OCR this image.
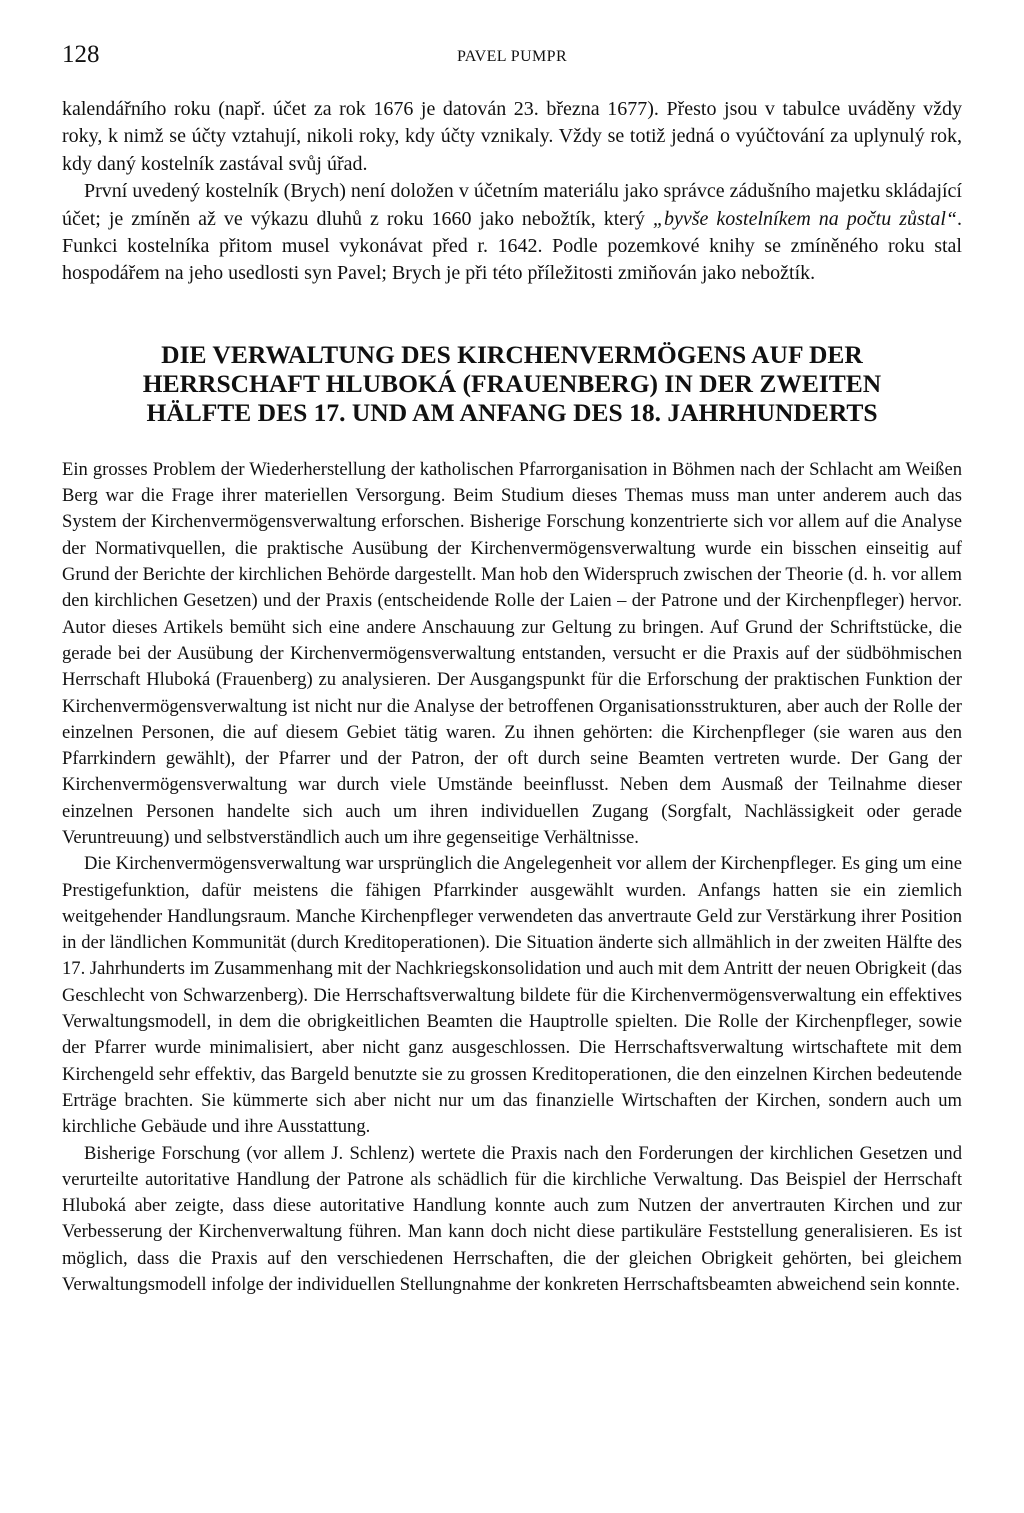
128	PAVEL PUMPR

kalendářního roku (např. účet za rok 1676 je datován 23. března 1677). Přesto jsou v tabulce uváděny vždy roky, k nimž se účty vztahují, nikoli roky, kdy účty vznikaly. Vždy se totiž jedná o vyúčtování za uplynulý rok, kdy daný kostelník zastával svůj úřad.

První uvedený kostelník (Brych) není doložen v účetním materiálu jako správce zádušního majetku skládající účet; je zmíněn až ve výkazu dluhů z roku 1660 jako nebožtík, který „byvše kostelníkem na počtu zůstal“. Funkci kostelníka přitom musel vykonávat před r. 1642. Podle pozemkové knihy se zmíněného roku stal hospodářem na jeho usedlosti syn Pavel; Brych je při této příležitosti zmiňován jako nebožtík.

DIE VERWALTUNG DES KIRCHENVERMÖGENS AUF DER
HERRSCHAFT HLUBOKÁ (FRAUENBERG) IN DER ZWEITEN
HÄLFTE DES 17. UND AM ANFANG DES 18. JAHRHUNDERTS

Ein grosses Problem der Wiederherstellung der katholischen Pfarrorganisation in Böhmen nach der Schlacht am Weißen Berg war die Frage ihrer materiellen Versorgung. Beim Studium dieses Themas muss man unter anderem auch das System der Kirchenvermögensverwaltung erforschen. Bisherige Forschung konzentrierte sich vor allem auf die Analyse der Normativquellen, die praktische Ausübung der Kirchenvermögensverwaltung wurde ein bisschen einseitig auf Grund der Berichte der kirchlichen Behörde dargestellt. Man hob den Widerspruch zwischen der Theorie (d. h. vor allem den kirchlichen Gesetzen) und der Praxis (entscheidende Rolle der Laien – der Patrone und der Kirchenpfleger) hervor. Autor dieses Artikels bemüht sich eine andere Anschauung zur Geltung zu bringen. Auf Grund der Schriftstücke, die gerade bei der Ausübung der Kirchenvermögensverwaltung entstanden, versucht er die Praxis auf der südböhmischen Herrschaft Hluboká (Frauenberg) zu analysieren. Der Ausgangspunkt für die Erforschung der praktischen Funktion der Kirchenvermögensverwaltung ist nicht nur die Analyse der betroffenen Organisationsstrukturen, aber auch der Rolle der einzelnen Personen, die auf diesem Gebiet tätig waren. Zu ihnen gehörten: die Kirchenpfleger (sie waren aus den Pfarrkindern gewählt), der Pfarrer und der Patron, der oft durch seine Beamten vertreten wurde. Der Gang der Kirchenvermögensverwaltung war durch viele Umstände beeinflusst. Neben dem Ausmaß der Teilnahme dieser einzelnen Personen handelte sich auch um ihren individuellen Zugang (Sorgfalt, Nachlässigkeit oder gerade Veruntreuung) und selbstverständlich auch um ihre gegenseitige Verhältnisse.

Die Kirchenvermögensverwaltung war ursprünglich die Angelegenheit vor allem der Kirchenpfleger. Es ging um eine Prestigefunktion, dafür meistens die fähigen Pfarrkinder ausgewählt wurden. Anfangs hatten sie ein ziemlich weitgehender Handlungsraum. Manche Kirchenpfleger verwendeten das anvertraute Geld zur Verstärkung ihrer Position in der ländlichen Kommunität (durch Kreditoperationen). Die Situation änderte sich allmählich in der zweiten Hälfte des 17. Jahrhunderts im Zusammenhang mit der Nachkriegskonsolidation und auch mit dem Antritt der neuen Obrigkeit (das Geschlecht von Schwarzenberg). Die Herrschaftsverwaltung bildete für die Kirchenvermögensverwaltung ein effektives Verwaltungsmodell, in dem die obrigkeitlichen Beamten die Hauptrolle spielten. Die Rolle der Kirchenpfleger, sowie der Pfarrer wurde minimalisiert, aber nicht ganz ausgeschlossen. Die Herrschaftsverwaltung wirtschaftete mit dem Kirchengeld sehr effektiv, das Bargeld benutzte sie zu grossen Kreditoperationen, die den einzelnen Kirchen bedeutende Erträge brachten. Sie kümmerte sich aber nicht nur um das finanzielle Wirtschaften der Kirchen, sondern auch um kirchliche Gebäude und ihre Ausstattung.

Bisherige Forschung (vor allem J. Schlenz) wertete die Praxis nach den Forderungen der kirchlichen Gesetzen und verurteilte autoritative Handlung der Patrone als schädlich für die kirchliche Verwaltung. Das Beispiel der Herrschaft Hluboká aber zeigte, dass diese autoritative Handlung konnte auch zum Nutzen der anvertrauten Kirchen und zur Verbesserung der Kirchenverwaltung führen. Man kann doch nicht diese partikuläre Feststellung generalisieren. Es ist möglich, dass die Praxis auf den verschiedenen Herrschaften, die der gleichen Obrigkeit gehörten, bei gleichem Verwaltungsmodell infolge der individuellen Stellungnahme der konkreten Herrschaftsbeamten abweichend sein konnte.
